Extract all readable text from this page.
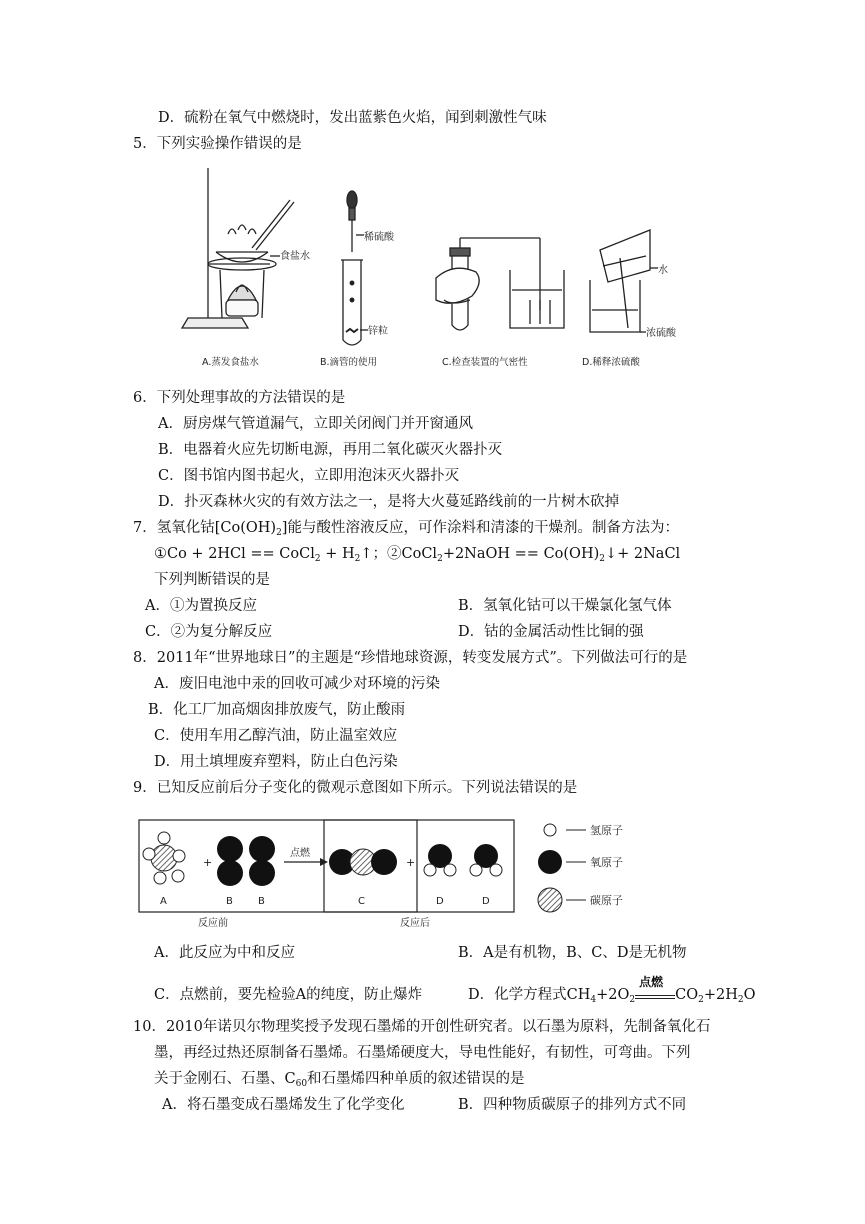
D．硫粉在氧气中燃烧时，发出蓝紫色火焰，闻到刺激性气味
5．下列实验操作错误的是
食盐水
A.蒸发食盐水
稀硫酸
锌粒
B.滴管的使用	C.检查装置的气密性
水
浓硫酸
D.稀释浓硫酸
6．下列处理事故的方法错误的是
A．厨房煤气管道漏气，立即关闭阀门并开窗通风
B．电器着火应先切断电源，再用二氧化碳灭火器扑灭
C．图书馆内图书起火，立即用泡沫灭火器扑灭
D．扑灭森林火灾的有效方法之一，是将大火蔓延路线前的一片树木砍掉
7．氢氧化钴$[Co(OH)_2]$能与酸性溶液反应，可作涂料和清漆的干燥剂。制备方法为：
①Co + 2HCl == CoCl$_2$ + $H_2↑$；②CoCl$_2$+2NaOH == $Co(OH)_2↓+$ 2NaCl
下列判断错误的是
A．①为置换反应	B．氢氧化钴可以干燥氯化氢气体
C．②为复分解反应	D．钴的金属活动性比铜的强
8．2011年“世界地球日”的主题是“珍惜地球资源，转变发展方式”。下列做法可行的是
A．废旧电池中汞的回收可减少对环境的污染
B．化工厂加高烟囱排放废气，防止酸雨
C．使用车用乙醇汽油，防止温室效应
D．用土填埋废弃塑料，防止白色污染
9．已知反应前后分子变化的微观示意图如下所示。下列说法错误的是
+
A	B	B
反应前
点燃
+
C	D	D
反应后
氢原子
氧原子
碳原子
A．此反应为中和反应	B．A是有机物，B、C、D是无机物
C．点燃前，要先检验A的纯度，防止爆炸	D．化学方程式$CH_4+2O_2$
点燃
$CO_2+2H_2O$
10．2010年诺贝尔物理奖授予发现石墨烯的开创性研究者。以石墨为原料，先制备氧化石
墨，再经过热还原制备石墨烯。石墨烯硬度大，导电性能好，有韧性，可弯曲。下列
关于金刚石、石墨、$C_{60}$和石墨烯四种单质的叙述错误的是
A．将石墨变成石墨烯发生了化学变化	B．四种物质碳原子的排列方式不同
